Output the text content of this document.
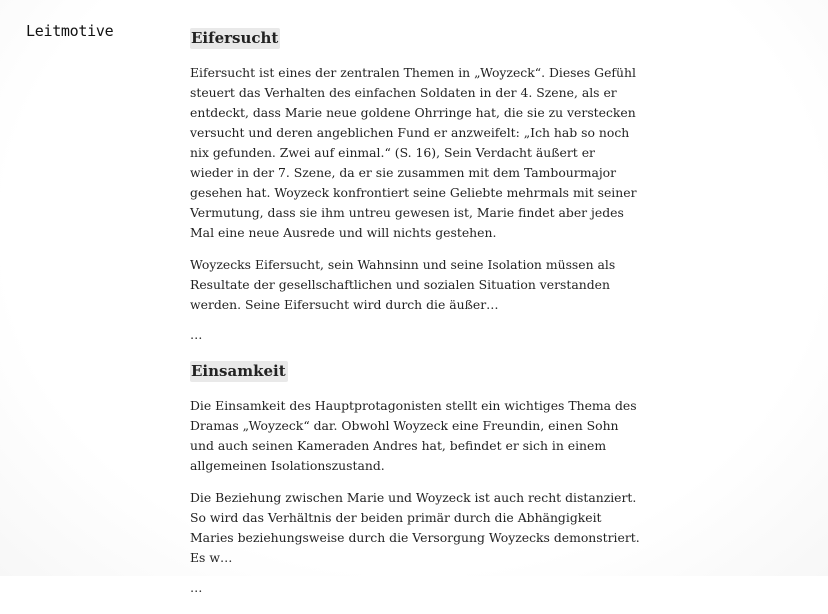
Leitmotive	Eifersucht

Eifersucht ist eines der zentralen Themen in „Woyzeck“. Dieses Gefühl steuert das Verhalten des einfachen Soldaten in der 4. Szene, als er entdeckt, dass Marie neue goldene Ohrringe hat, die sie zu verstecken versucht und deren angeblichen Fund er anzweifelt: „Ich hab so noch nix gefunden. Zwei auf einmal.“ (S. 16), Sein Verdacht äußert er wieder in der 7. Szene, da er sie zusammen mit dem Tambourmajor gesehen hat. Woyzeck konfrontiert seine Geliebte mehrmals mit seiner Vermutung, dass sie ihm untreu gewesen ist, Marie findet aber jedes Mal eine neue Ausrede und will nichts gestehen.

Woyzecks Eifersucht, sein Wahnsinn und seine Isolation müssen als Resultate der gesellschaftlichen und sozialen Situation verstanden werden. Seine Eifersucht wird durch die äußer…

…
Einsamkeit

Die Einsamkeit des Hauptprotagonisten stellt ein wichtiges Thema des Dramas „Woyzeck“ dar. Obwohl Woyzeck eine Freundin, einen Sohn und auch seinen Kameraden Andres hat, befindet er sich in einem allgemeinen Isolationszustand.

Die Beziehung zwischen Marie und Woyzeck ist auch recht distanziert. So wird das Verhältnis der beiden primär durch die Abhängigkeit Maries beziehungsweise durch die Versorgung Woyzecks demonstriert. Es w…

…
